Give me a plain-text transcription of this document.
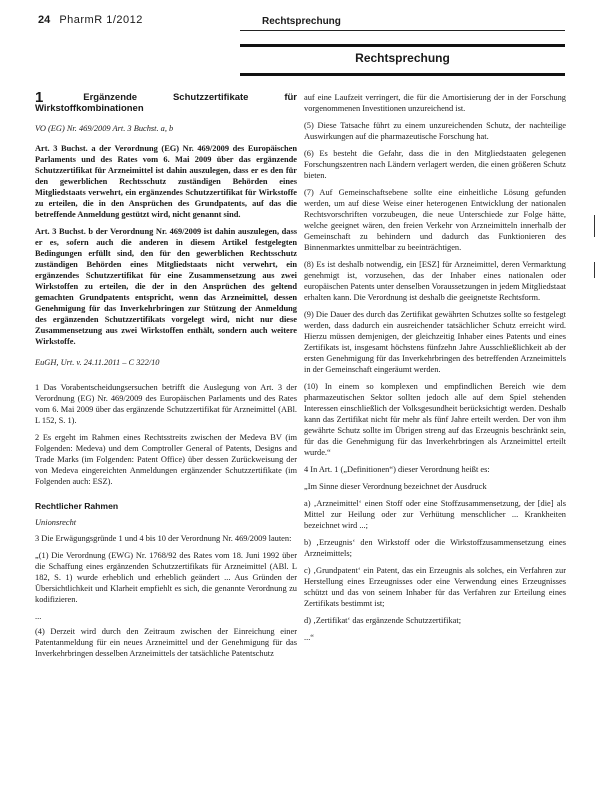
24 PharmR 1/2012	Rechtsprechung
Rechtsprechung
1	Ergänzende Schutzzertifikate für Wirkstoffkombinationen

VO (EG) Nr. 469/2009 Art. 3 Buchst. a, b

Art. 3 Buchst. a der Verordnung (EG) Nr. 469/2009 des Europäischen Parlaments und des Rates vom 6. Mai 2009 über das ergänzende Schutzzertifikat für Arzneimittel ist dahin auszulegen, dass er es den für den gewerblichen Rechtsschutz zuständigen Behörden eines Mitgliedstaats verwehrt, ein ergänzendes Schutzzertifikat für Wirkstoffe zu erteilen, die in den Ansprüchen des Grundpatents, auf das die betreffende Anmeldung gestützt wird, nicht genannt sind.

Art. 3 Buchst. b der Verordnung Nr. 469/2009 ist dahin auszulegen, dass er es, sofern auch die anderen in diesem Artikel festgelegten Bedingungen erfüllt sind, den für den gewerblichen Rechtsschutz zuständigen Behörden eines Mitgliedstaats nicht verwehrt, ein ergänzendes Schutzzertifikat für eine Zusammensetzung aus zwei Wirkstoffen zu erteilen, die der in den Ansprüchen des geltend gemachten Grundpatents entspricht, wenn das Arzneimittel, dessen Genehmigung für das Inverkehrbringen zur Stützung der Anmeldung des ergänzenden Schutzzertifikats vorgelegt wird, nicht nur diese Zusammensetzung aus zwei Wirkstoffen enthält, sondern auch weitere Wirkstoffe.

EuGH, Urt. v. 24.11.2011 – C 322/10

1 Das Vorabentscheidungsersuchen betrifft die Auslegung von Art. 3 der Verordnung (EG) Nr. 469/2009 des Europäischen Parlaments und des Rates vom 6. Mai 2009 über das ergänzende Schutzzertifikat für Arzneimittel (ABl. L 152, S. 1).

2 Es ergeht im Rahmen eines Rechtsstreits zwischen der Medeva BV (im Folgenden: Medeva) und dem Comptroller General of Patents, Designs and Trade Marks (im Folgenden: Patent Office) über dessen Zurückweisung der von Medeva eingereichten Anmeldungen ergänzender Schutzzertifikate (im Folgenden auch: ESZ).

Rechtlicher Rahmen

Unionsrecht

3 Die Erwägungsgründe 1 und 4 bis 10 der Verordnung Nr. 469/2009 lauten:

„(1) Die Verordnung (EWG) Nr. 1768/92 des Rates vom 18. Juni 1992 über die Schaffung eines ergänzenden Schutzzertifikats für Arzneimittel (ABl. L 182, S. 1) wurde erheblich und erheblich geändert ... Aus Gründen der Übersichtlichkeit und Klarheit empfiehlt es sich, die genannte Verordnung zu kodifizieren.

...

(4) Derzeit wird durch den Zeitraum zwischen der Einreichung einer Patentanmeldung für ein neues Arzneimittel und der Genehmigung für das Inverkehrbringen desselben Arzneimittels der tatsächliche Patentschutz

auf eine Laufzeit verringert, die für die Amortisierung der in der Forschung vorgenommenen Investitionen unzureichend ist.

(5) Diese Tatsache führt zu einem unzureichenden Schutz, der nachteilige Auswirkungen auf die pharmazeutische Forschung hat.

(6) Es besteht die Gefahr, dass die in den Mitgliedstaaten gelegenen Forschungszentren nach Ländern verlagert werden, die einen größeren Schutz bieten.

(7) Auf Gemeinschaftsebene sollte eine einheitliche Lösung gefunden werden, um auf diese Weise einer heterogenen Entwicklung der nationalen Rechtsvorschriften vorzubeugen, die neue Unterschiede zur Folge hätte, welche geeignet wären, den freien Verkehr von Arzneimitteln innerhalb der Gemeinschaft zu behindern und dadurch das Funktionieren des Binnenmarktes unmittelbar zu beeinträchtigen.

(8) Es ist deshalb notwendig, ein [ESZ] für Arzneimittel, deren Vermarktung genehmigt ist, vorzusehen, das der Inhaber eines nationalen oder europäischen Patents unter denselben Voraussetzungen in jedem Mitgliedstaat erhalten kann. Die Verordnung ist deshalb die geeignetste Rechtsform.

(9) Die Dauer des durch das Zertifikat gewährten Schutzes sollte so festgelegt werden, dass dadurch ein ausreichender tatsächlicher Schutz erreicht wird. Hierzu müssen demjenigen, der gleichzeitig Inhaber eines Patents und eines Zertifikats ist, insgesamt höchstens fünfzehn Jahre Ausschließlichkeit ab der ersten Genehmigung für das Inverkehrbringen des betreffenden Arzneimittels in der Gemeinschaft eingeräumt werden.

(10) In einem so komplexen und empfindlichen Bereich wie dem pharmazeutischen Sektor sollten jedoch alle auf dem Spiel stehenden Interessen einschließlich der Volksgesundheit berücksichtigt werden. Deshalb kann das Zertifikat nicht für mehr als fünf Jahre erteilt werden. Der von ihm gewährte Schutz sollte im Übrigen streng auf das Erzeugnis beschränkt sein, für das die Genehmigung für das Inverkehrbringen als Arzneimittel erteilt wurde.“

4 In Art. 1 („Definitionen“) dieser Verordnung heißt es:

„Im Sinne dieser Verordnung bezeichnet der Ausdruck

a) ‚Arzneimittel‘ einen Stoff oder eine Stoffzusammensetzung, der [die] als Mittel zur Heilung oder zur Verhütung menschlicher ... Krankheiten bezeichnet wird ...;

b) ‚Erzeugnis‘ den Wirkstoff oder die Wirkstoffzusammensetzung eines Arzneimittels;

c) ‚Grundpatent‘ ein Patent, das ein Erzeugnis als solches, ein Verfahren zur Herstellung eines Erzeugnisses oder eine Verwendung eines Erzeugnisses schützt und das von seinem Inhaber für das Verfahren zur Erteilung eines Zertifikats bestimmt ist;

d) ‚Zertifikat‘ das ergänzende Schutzzertifikat;

...“
